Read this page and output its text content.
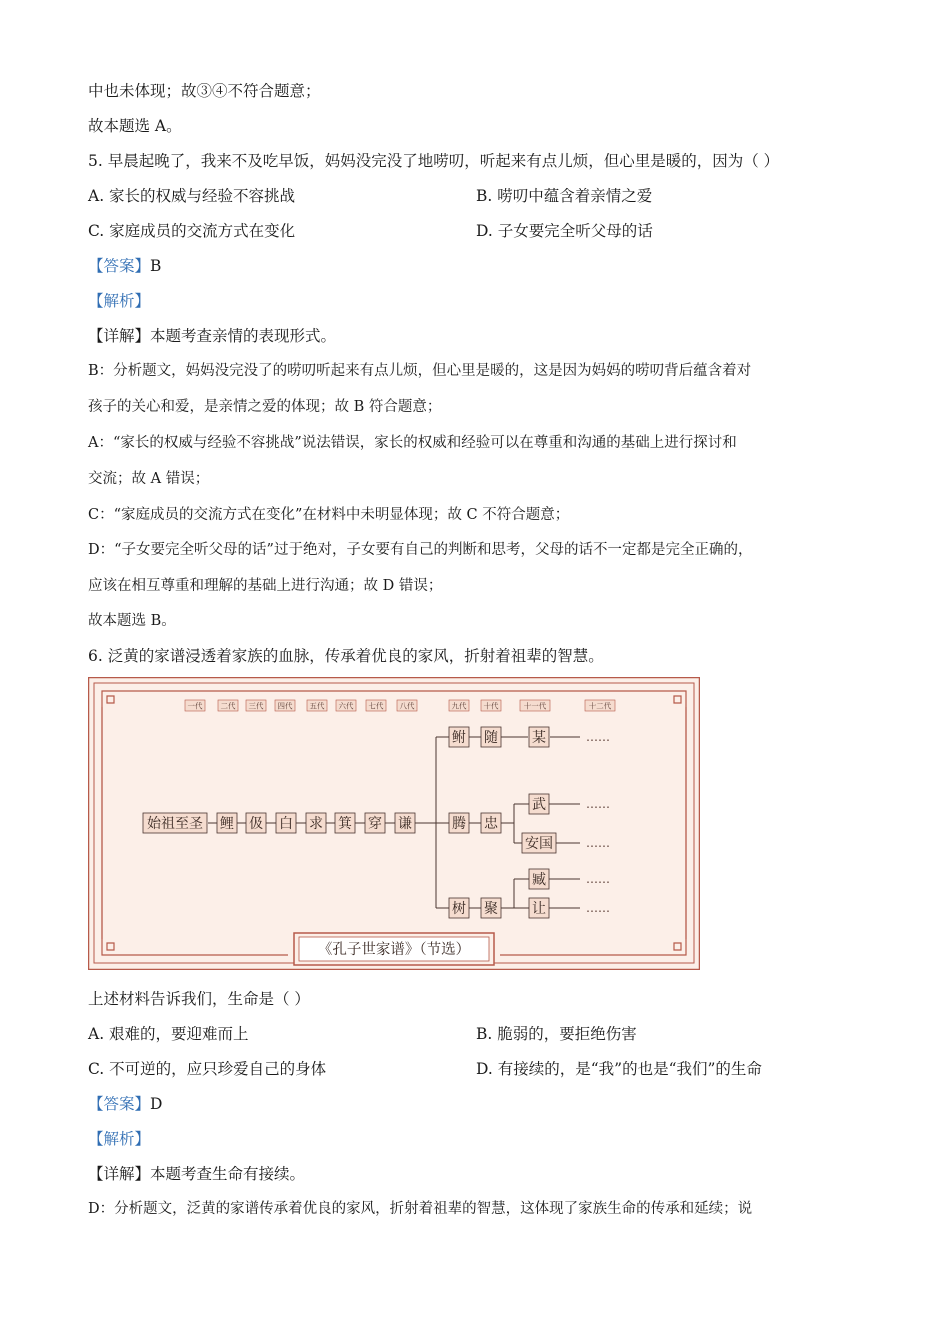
中也未体现；故③④不符合题意；
故本题选 A。
5. 早晨起晚了，我来不及吃早饭，妈妈没完没了地唠叨，听起来有点儿烦，但心里是暖的，因为（ ）
A. 家长的权威与经验不容挑战	B. 唠叨中蕴含着亲情之爱
C. 家庭成员的交流方式在变化	D. 子女要完全听父母的话
【答案】B
【解析】
【详解】本题考查亲情的表现形式。
B：分析题文，妈妈没完没了的唠叨听起来有点儿烦，但心里是暖的，这是因为妈妈的唠叨背后蕴含着对
孩子的关心和爱，是亲情之爱的体现；故 B 符合题意；
A：“家长的权威与经验不容挑战”说法错误，家长的权威和经验可以在尊重和沟通的基础上进行探讨和
交流；故 A 错误；
C：“家庭成员的交流方式在变化”在材料中未明显体现；故 C 不符合题意；
D：“子女要完全听父母的话”过于绝对，子女要有自己的判断和思考，父母的话不一定都是完全正确的，
应该在相互尊重和理解的基础上进行沟通；故 D 错误；
故本题选 B。
6. 泛黄的家谱浸透着家族的血脉，传承着优良的家风，折射着祖辈的智慧。
一代 二代 三代 四代 五代 六代 七代 八代	九代 十代	十一代	十二代
始祖至圣 鲤 伋 白 求 箕 穿 谦
鲋 随 某	……
腾 忠
武
安国
……
……
树 聚
臧
让
……
……
《孔子世家谱》（节选）
上述材料告诉我们，生命是（ ）
A. 艰难的，要迎难而上	B. 脆弱的，要拒绝伤害
C. 不可逆的，应只珍爱自己的身体	D. 有接续的，是“我”的也是“我们”的生命
【答案】D
【解析】
【详解】本题考查生命有接续。
D：分析题文，泛黄的家谱传承着优良的家风，折射着祖辈的智慧，这体现了家族生命的传承和延续；说
